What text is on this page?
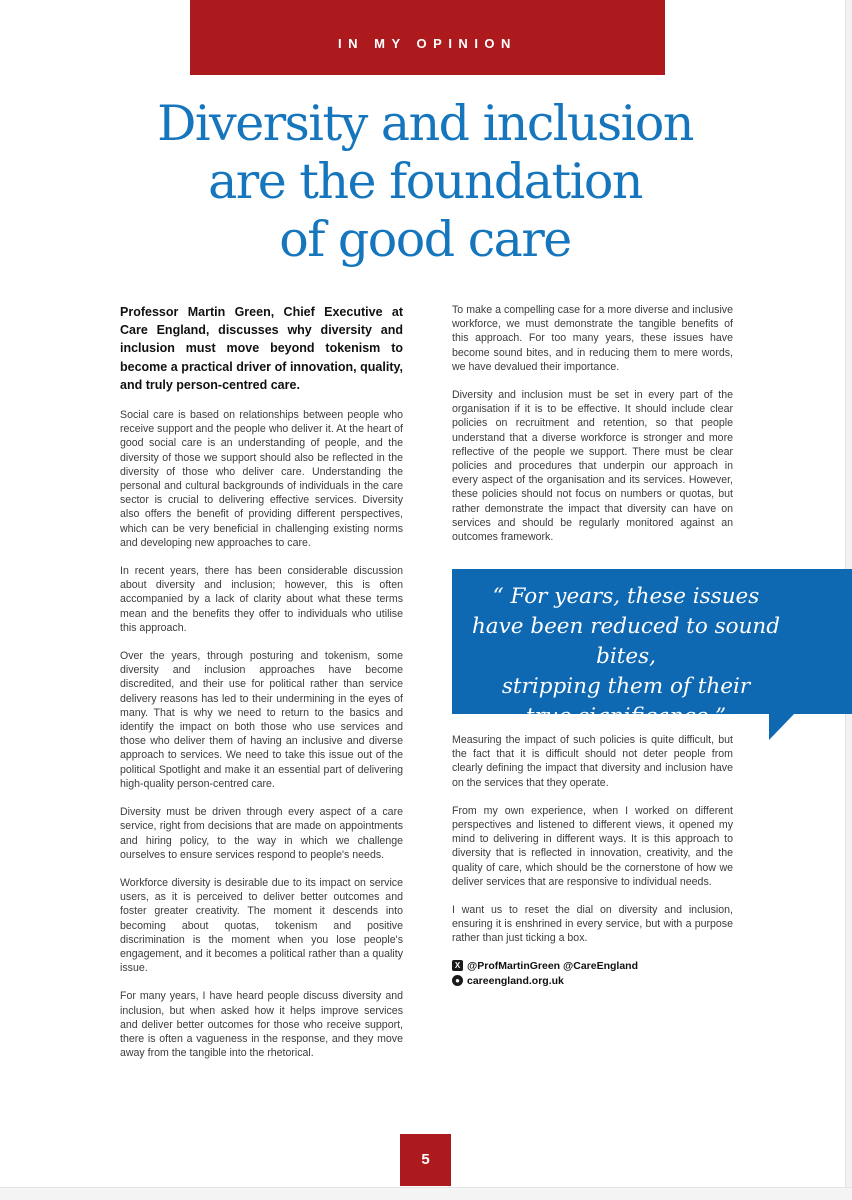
IN MY OPINION
Diversity and inclusion
are the foundation
of good care

Professor Martin Green, Chief Executive at Care England, discusses why diversity and inclusion must move beyond tokenism to become a practical driver of innovation, quality, and truly person-centred care.

Social care is based on relationships between people who receive support and the people who deliver it. At the heart of good social care is an understanding of people, and the diversity of those we support should also be reflected in the diversity of those who deliver care. Understanding the personal and cultural backgrounds of individuals in the care sector is crucial to delivering effective services. Diversity also offers the benefit of providing different perspectives, which can be very beneficial in challenging existing norms and developing new approaches to care.

In recent years, there has been considerable discussion about diversity and inclusion; however, this is often accompanied by a lack of clarity about what these terms mean and the benefits they offer to individuals who utilise this approach.

Over the years, through posturing and tokenism, some diversity and inclusion approaches have become discredited, and their use for political rather than service delivery reasons has led to their undermining in the eyes of many. That is why we need to return to the basics and identify the impact on both those who use services and those who deliver them of having an inclusive and diverse approach to services. We need to take this issue out of the political Spotlight and make it an essential part of delivering high-quality person-centred care.

Diversity must be driven through every aspect of a care service, right from decisions that are made on appointments and hiring policy, to the way in which we challenge ourselves to ensure services respond to people's needs.

Workforce diversity is desirable due to its impact on service users, as it is perceived to deliver better outcomes and foster greater creativity. The moment it descends into becoming about quotas, tokenism and positive discrimination is the moment when you lose people's engagement, and it becomes a political rather than a quality issue.

For many years, I have heard people discuss diversity and inclusion, but when asked how it helps improve services and deliver better outcomes for those who receive support, there is often a vagueness in the response, and they move away from the tangible into the rhetorical.

To make a compelling case for a more diverse and inclusive workforce, we must demonstrate the tangible benefits of this approach. For too many years, these issues have become sound bites, and in reducing them to mere words, we have devalued their importance.

Diversity and inclusion must be set in every part of the organisation if it is to be effective. It should include clear policies on recruitment and retention, so that people understand that a diverse workforce is stronger and more reflective of the people we support. There must be clear policies and procedures that underpin our approach in every aspect of the organisation and its services. However, these policies should not focus on numbers or quotas, but rather demonstrate the impact that diversity can have on services and should be regularly monitored against an outcomes framework.

“ For years, these issues
have been reduced to sound bites,
stripping them of their
true significance.”

Measuring the impact of such policies is quite difficult, but the fact that it is difficult should not deter people from clearly defining the impact that diversity and inclusion have on the services that they operate.

From my own experience, when I worked on different perspectives and listened to different views, it opened my mind to delivering in different ways. It is this approach to diversity that is reflected in innovation, creativity, and the quality of care, which should be the cornerstone of how we deliver services that are responsive to individual needs.

I want us to reset the dial on diversity and inclusion, ensuring it is enshrined in every service, but with a purpose rather than just ticking a box.

X @ProfMartinGreen @CareEngland
● careengland.org.uk
5
